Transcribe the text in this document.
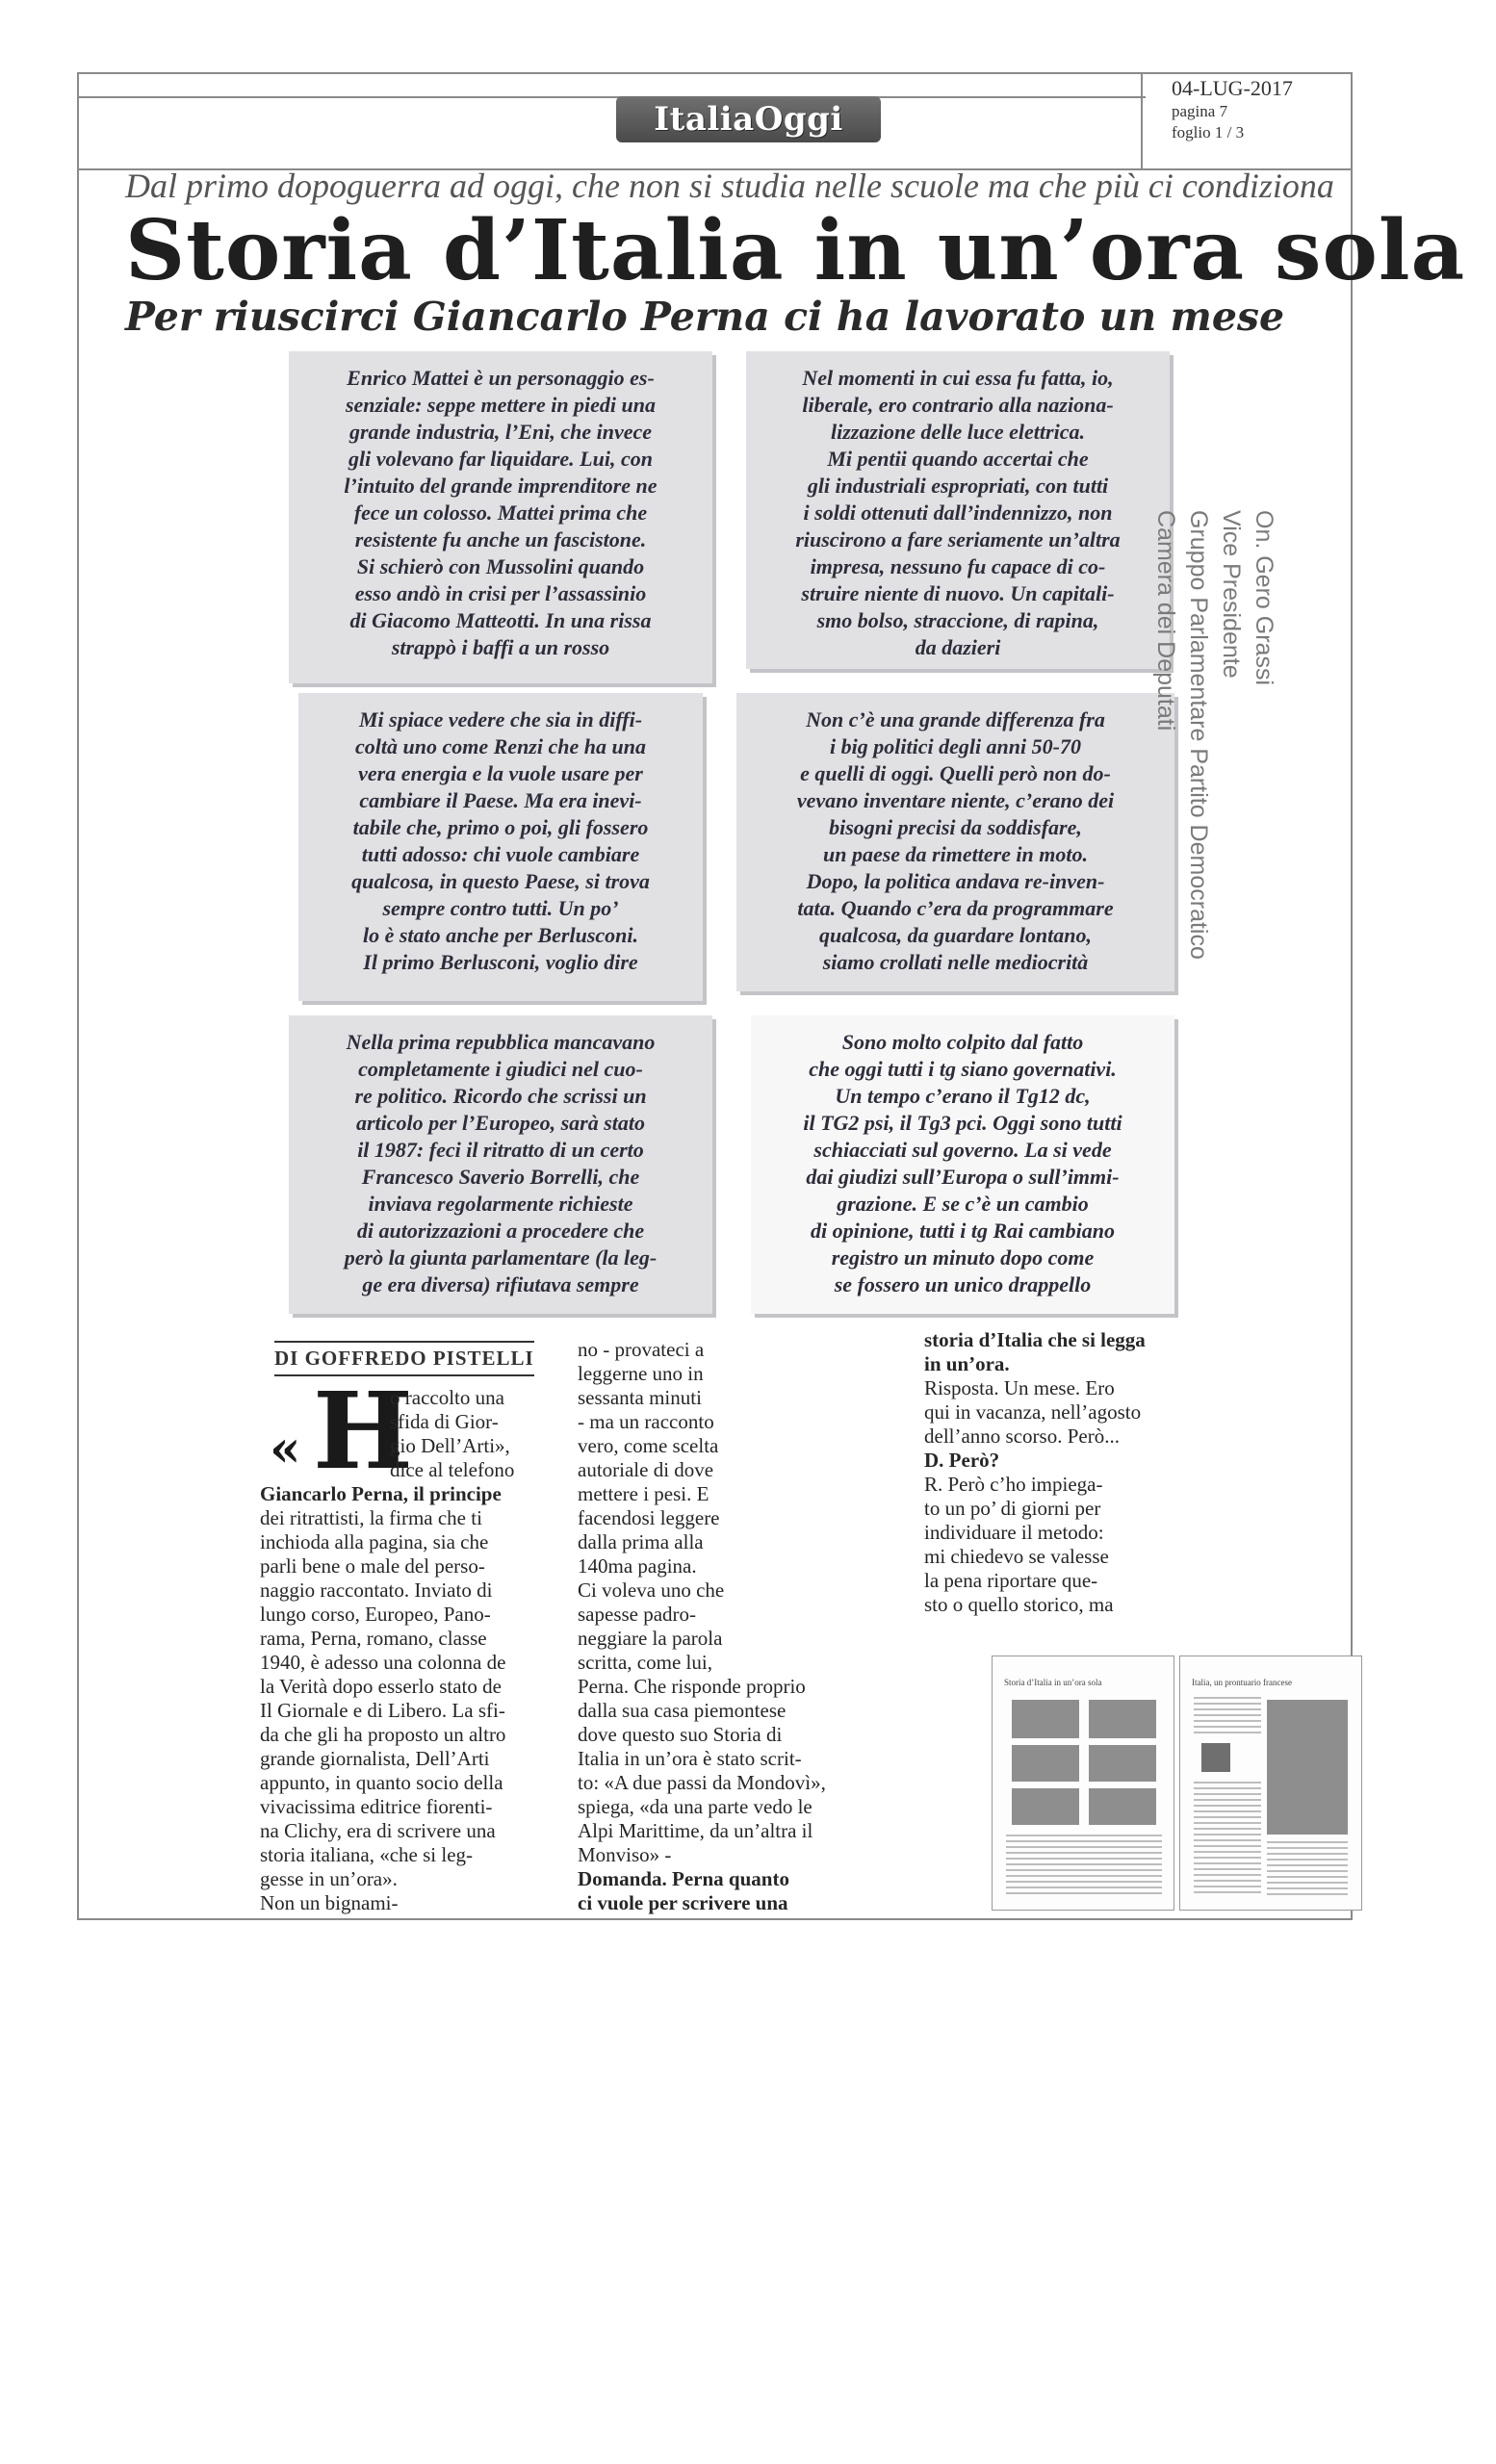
ItaliaOggi
04-LUG-2017
pagina 7
foglio 1 / 3
Dal primo dopoguerra ad oggi, che non si studia nelle scuole ma che più ci condiziona
Storia d’Italia in un’ora sola
Per riuscirci Giancarlo Perna ci ha lavorato un mese
Enrico Mattei è un personaggio es-
senziale: seppe mettere in piedi una
grande industria, l’Eni, che invece
gli volevano far liquidare. Lui, con
l’intuito del grande imprenditore ne
fece un colosso. Mattei prima che
resistente fu anche un fascistone.
Si schierò con Mussolini quando
esso andò in crisi per l’assassinio
di Giacomo Matteotti. In una rissa
strappò i baffi a un rosso
Nel momenti in cui essa fu fatta, io,
liberale, ero contrario alla naziona-
lizzazione delle luce elettrica.
Mi pentii quando accertai che
gli industriali espropriati, con tutti
i soldi ottenuti dall’indennizzo, non
riuscirono a fare seriamente un’altra
impresa, nessuno fu capace di co-
struire niente di nuovo. Un capitali-
smo bolso, straccione, di rapina,
da dazieri
Mi spiace vedere che sia in diffi-
coltà uno come Renzi che ha una
vera energia e la vuole usare per
cambiare il Paese. Ma era inevi-
tabile che, primo o poi, gli fossero
tutti adosso: chi vuole cambiare
qualcosa, in questo Paese, si trova
sempre contro tutti. Un po’
lo è stato anche per Berlusconi.
Il primo Berlusconi, voglio dire
Non c’è una grande differenza fra
i big politici degli anni 50-70
e quelli di oggi. Quelli però non do-
vevano inventare niente, c’erano dei
bisogni precisi da soddisfare,
un paese da rimettere in moto.
Dopo, la politica andava re-inven-
tata. Quando c’era da programmare
qualcosa, da guardare lontano,
siamo crollati nelle mediocrità
Nella prima repubblica mancavano
completamente i giudici nel cuo-
re politico. Ricordo che scrissi un
articolo per l’Europeo, sarà stato
il 1987: feci il ritratto di un certo
Francesco Saverio Borrelli, che
inviava regolarmente richieste
di autorizzazioni a procedere che
però la giunta parlamentare (la leg-
ge era diversa) rifiutava sempre
Sono molto colpito dal fatto
che oggi tutti i tg siano governativi.
Un tempo c’erano il Tg12 dc,
il TG2 psi, il Tg3 pci. Oggi sono tutti
schiacciati sul governo. La si vede
dai giudizi sull’Europa o sull’immi-
grazione. E se c’è un cambio
di opinione, tutti i tg Rai cambiano
registro un minuto dopo come
se fossero un unico drappello
On. Gero Grassi
Vice Presidente
Gruppo Parlamentare Partito Democratico
Camera dei Deputati
DI GOFFREDO PISTELLI
« H
o raccolto una
sfida di Gior-
gio Dell’Arti»,
dice al telefono
Giancarlo Perna, il principe
dei ritrattisti, la firma che ti
inchioda alla pagina, sia che
parli bene o male del perso-
naggio raccontato. Inviato di
lungo corso, Europeo, Pano-
rama, Perna, romano, classe
1940, è adesso una colonna de
la Verità dopo esserlo stato de
Il Giornale e di Libero. La sfi-
da che gli ha proposto un altro
grande giornalista, Dell’Arti
appunto, in quanto socio della
vivacissima editrice fiorenti-
na Clichy, era di scrivere una
storia italiana, «che si leg-
gesse in un’ora».
Non un bignami-
no - provateci a
leggerne uno in
sessanta minuti
- ma un racconto
vero, come scelta
autoriale di dove
mettere i pesi. E
facendosi leggere
dalla prima alla
140ma pagina.
Ci voleva uno che
sapesse padro-
neggiare la parola
scritta, come lui,
Perna. Che risponde proprio
dalla sua casa piemontese
dove questo suo Storia di
Italia in un’ora è stato scrit-
to: «A due passi da Mondovì»,
spiega, «da una parte vedo le
Alpi Marittime, da un’altra il
Monviso» -
Domanda. Perna quanto
ci vuole per scrivere una
storia d’Italia che si legga
in un’ora.
Risposta. Un mese. Ero
qui in vacanza, nell’agosto
dell’anno scorso. Però...
D. Però?
R. Però c’ho impiega-
to un po’ di giorni per
individuare il metodo:
mi chiedevo se valesse
la pena riportare que-
sto o quello storico, ma
Storia d’Italia in un’ora sola	Italia, un prontuario francese
